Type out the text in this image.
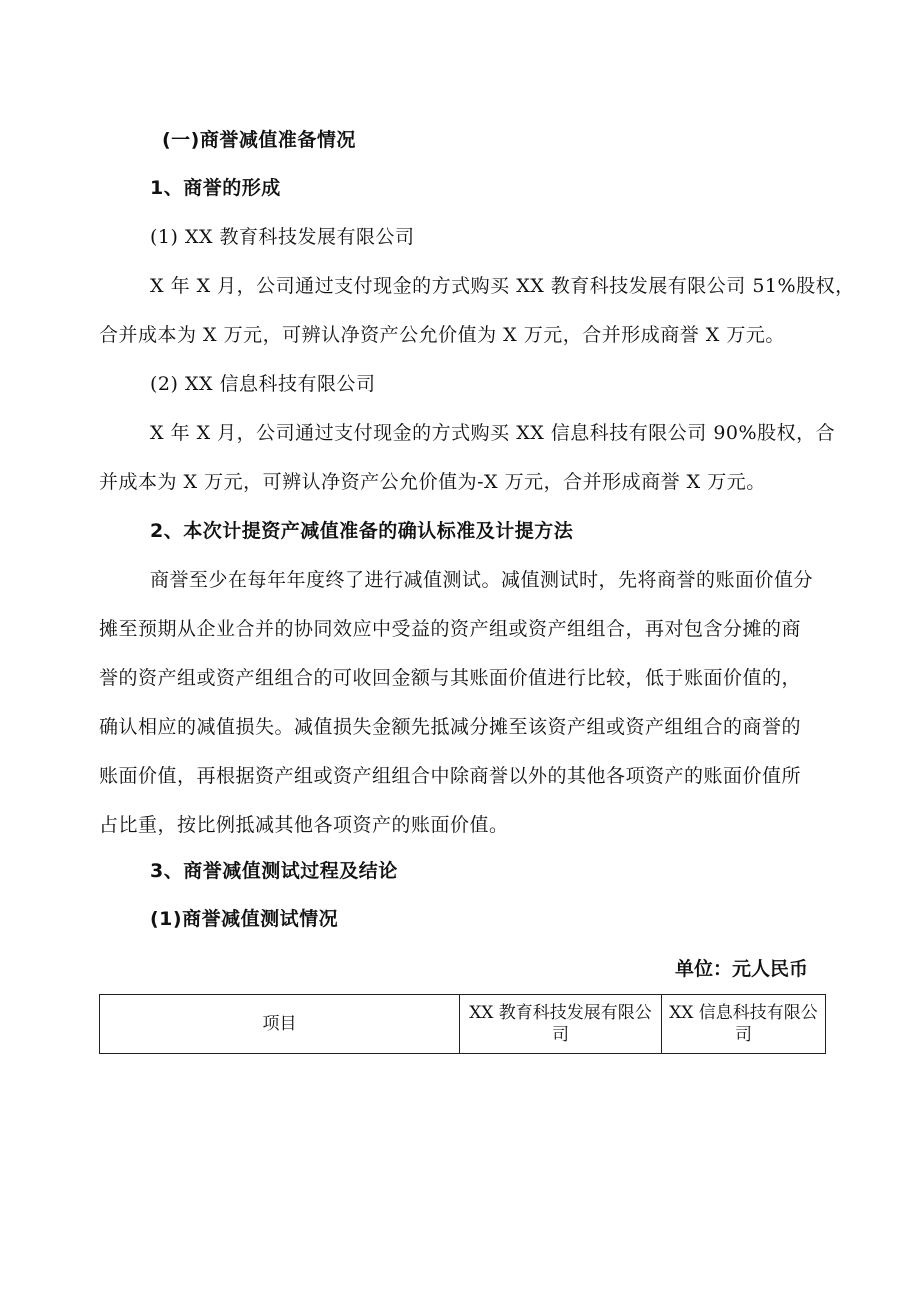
(一)商誉减值准备情况
1、商誉的形成
(1) XX 教育科技发展有限公司
X 年 X 月，公司通过支付现金的方式购买 XX 教育科技发展有限公司 51%股权，
合并成本为 X 万元，可辨认净资产公允价值为 X 万元，合并形成商誉 X 万元。
(2) XX 信息科技有限公司
X 年 X 月，公司通过支付现金的方式购买 XX 信息科技有限公司 90%股权，合
并成本为 X 万元，可辨认净资产公允价值为-X 万元，合并形成商誉 X 万元。
2、本次计提资产减值准备的确认标准及计提方法
商誉至少在每年年度终了进行减值测试。减值测试时，先将商誉的账面价值分
摊至预期从企业合并的协同效应中受益的资产组或资产组组合，再对包含分摊的商
誉的资产组或资产组组合的可收回金额与其账面价值进行比较，低于账面价值的，
确认相应的减值损失。减值损失金额先抵减分摊至该资产组或资产组组合的商誉的
账面价值，再根据资产组或资产组组合中除商誉以外的其他各项资产的账面价值所
占比重，按比例抵减其他各项资产的账面价值。
3、商誉减值测试过程及结论
(1)商誉减值测试情况
单位：元人民币
项目	XX 教育科技发展有限公司	XX 信息科技有限公司
